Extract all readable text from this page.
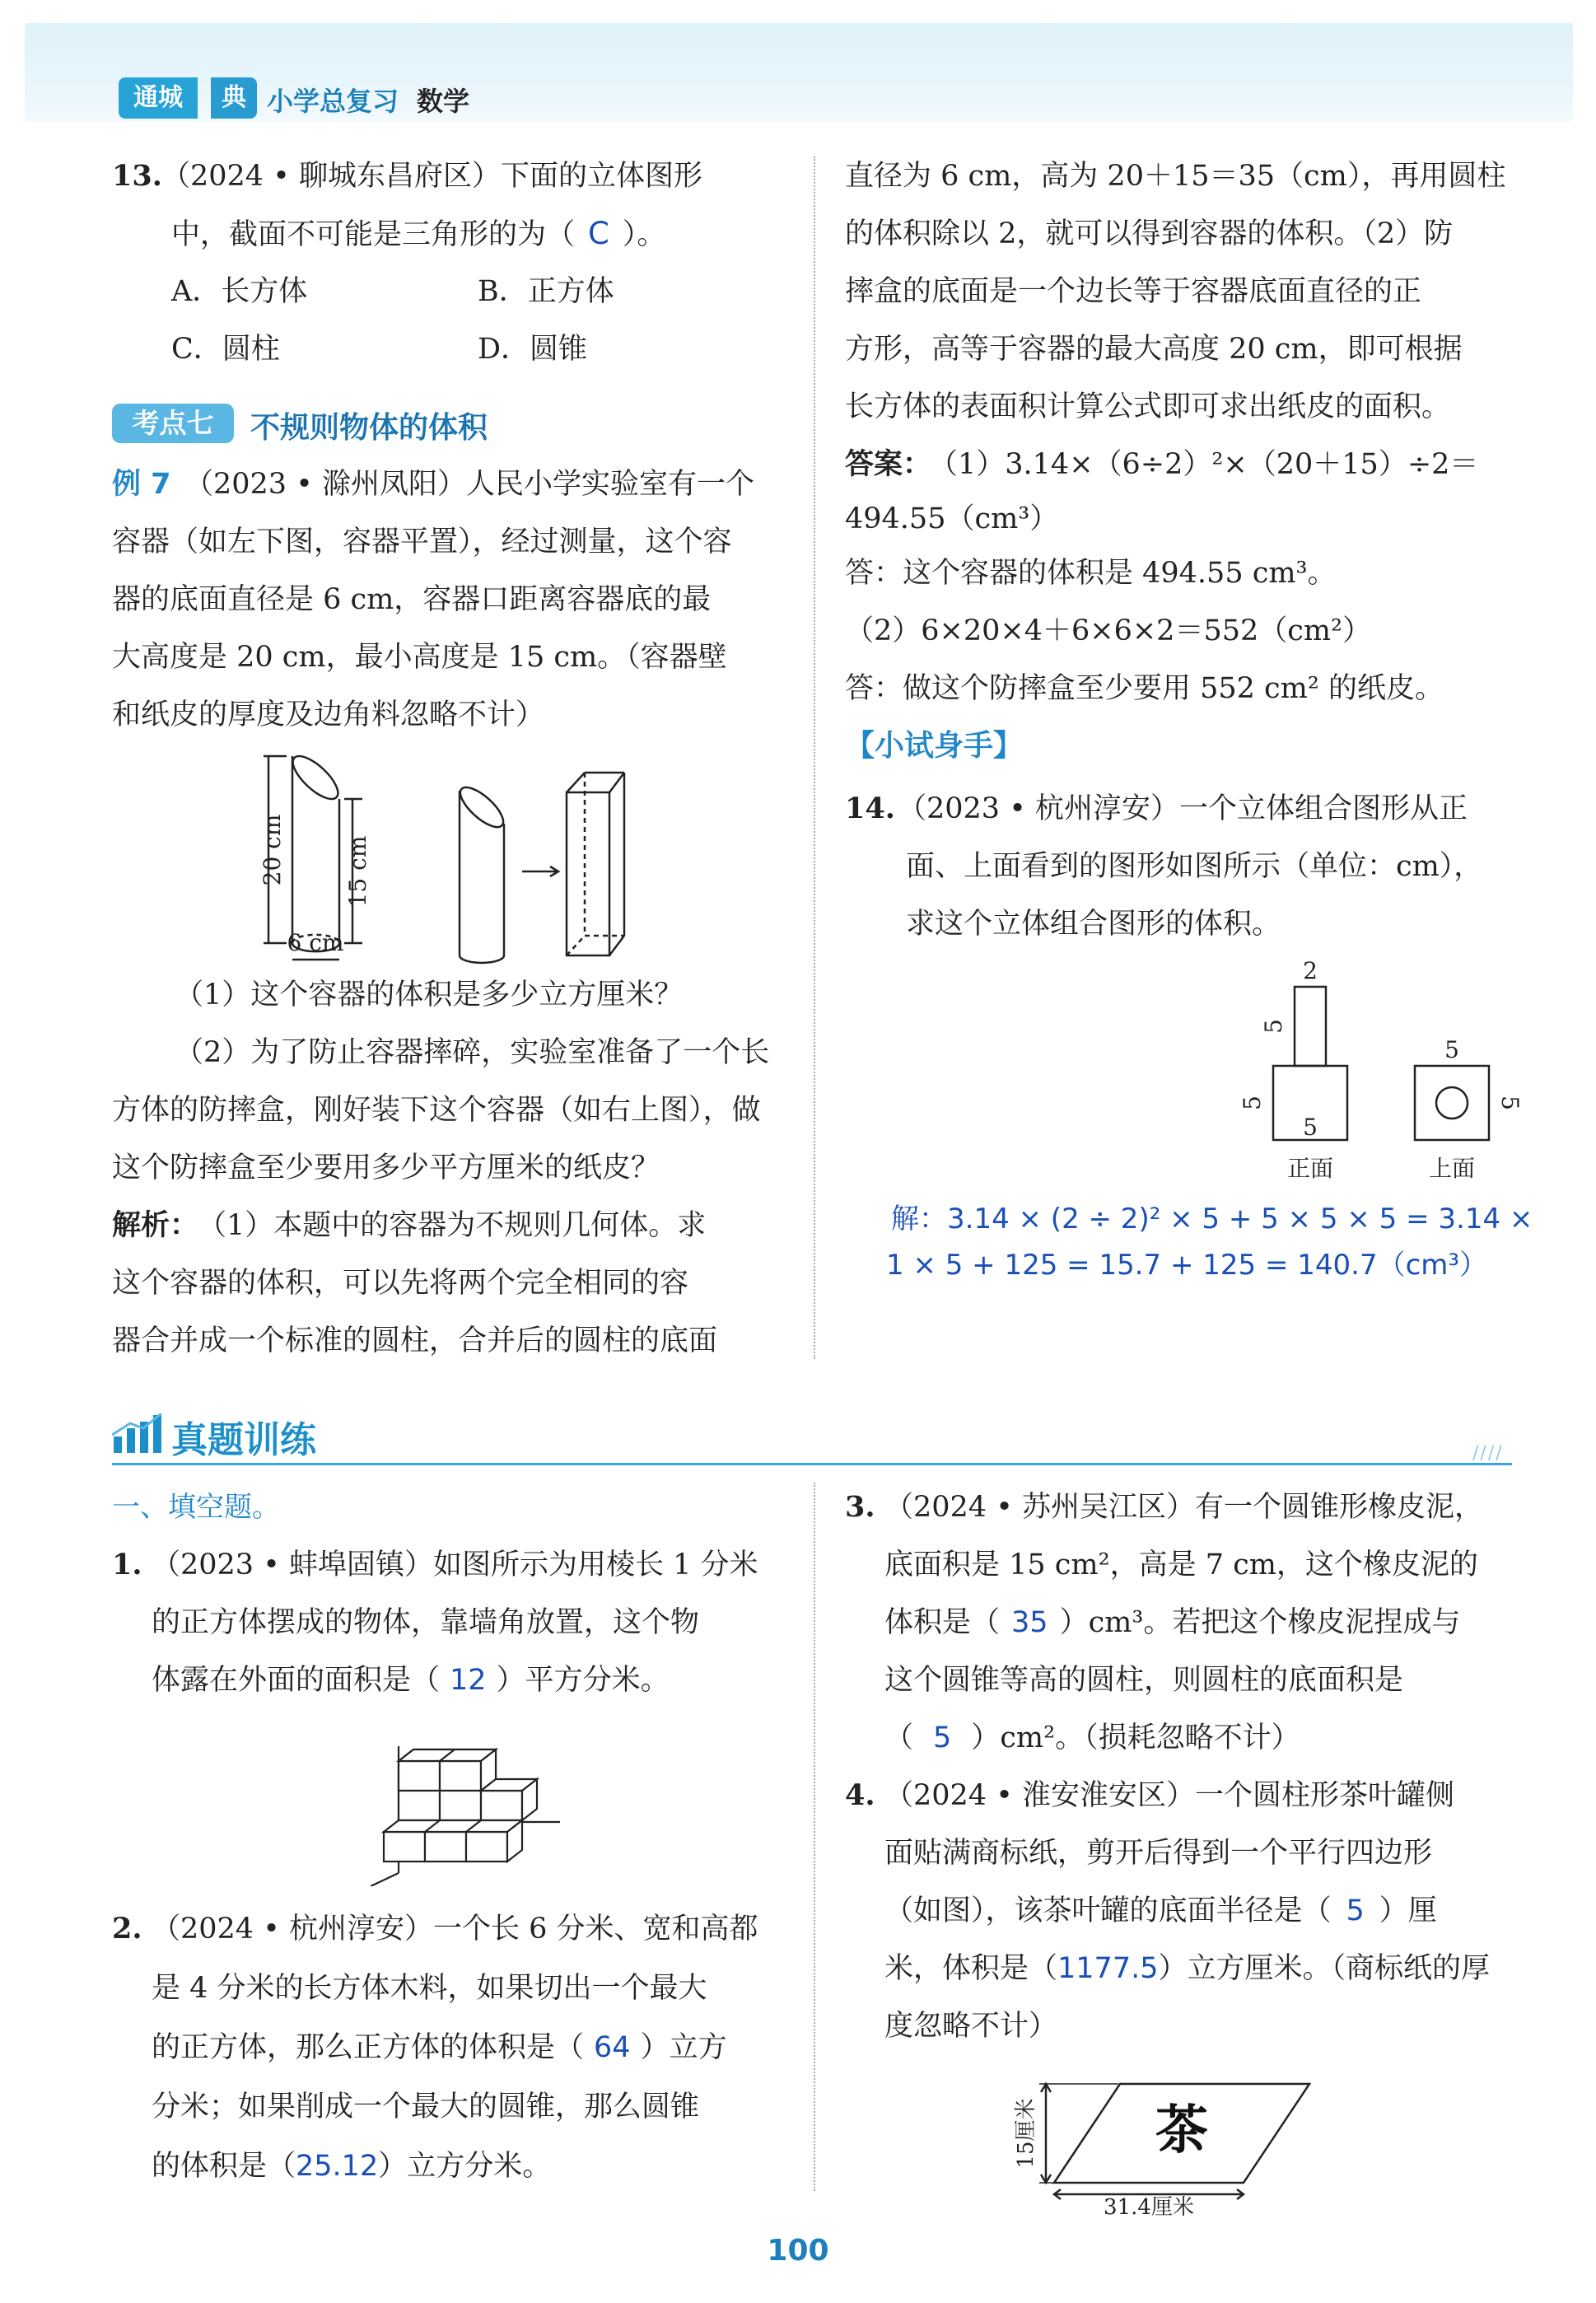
通城	典 小学总复习 数学
13. （2024 • 聊城东昌府区）下面的立体图形
中，截面不可能是三角形的为（ C ）。
A．长方体	B．正方体
C．圆柱	D．圆锥
考点七	不规则物体的体积
例 7 （2023 • 滁州凤阳）人民小学实验室有一个
容器（如左下图，容器平置），经过测量，这个容
器的底面直径是 6 cm，容器口距离容器底的最
大高度是 20 cm，最小高度是 15 cm。（容器壁
和纸皮的厚度及边角料忽略不计）
20 cm	15 cm
6 cm
（1）这个容器的体积是多少立方厘米？
（2）为了防止容器摔碎，实验室准备了一个长
方体的防摔盒，刚好装下这个容器（如右上图），做
这个防摔盒至少要用多少平方厘米的纸皮？
解析：
（1）本题中的容器为不规则几何体。求
这个容器的体积，可以先将两个完全相同的容
器合并成一个标准的圆柱，合并后的圆柱的底面
直径为 6 cm，高为 20＋15＝35（cm），再用圆柱
的体积除以 2，就可以得到容器的体积。（2）防
摔盒的底面是一个边长等于容器底面直径的正
方形，高等于容器的最大高度 20 cm，即可根据
长方体的表面积计算公式即可求出纸皮的面积。
答案：
（1）3.14×（6÷2）²×（20＋15）÷2＝
494.55（cm³）
答：这个容器的体积是 494.55 cm³。
（2）6×20×4＋6×6×2＝552（cm²）
答：做这个防摔盒至少要用 552 cm² 的纸皮。
【小试身手】
14. （2023 • 杭州淳安）一个立体组合图形从正
面、上面看到的图形如图所示（单位：cm），
求这个立体组合图形的体积。
2
5
5
5
正面
5
5
上面
解：3.14 × (2 ÷ 2)² × 5 + 5 × 5 × 5 = 3.14 ×
1 × 5 + 125 = 15.7 + 125 = 140.7（cm³）
真题训练	////
一、填空题。
1. （2023 • 蚌埠固镇）如图所示为用棱长 1 分米
的正方体摆成的物体，靠墙角放置，这个物
体露在外面的面积是（ 12 ）平方分米。
2. （2024 • 杭州淳安）一个长 6 分米、宽和高都
是 4 分米的长方体木料，如果切出一个最大
的正方体，那么正方体的体积是（ 64 ）立方
分米；如果削成一个最大的圆锥，那么圆锥
的体积是（25.12）立方分米。
3. （2024 • 苏州吴江区）有一个圆锥形橡皮泥，
底面积是 15 cm²，高是 7 cm，这个橡皮泥的
体积是（ 35 ）cm³。若把这个橡皮泥捏成与
这个圆锥等高的圆柱，则圆柱的底面积是
（ 5 ）cm²。（损耗忽略不计）
4. （2024 • 淮安淮安区）一个圆柱形茶叶罐侧
面贴满商标纸，剪开后得到一个平行四边形
（如图），该茶叶罐的底面半径是（ 5 ）厘
米，体积是（1177.5）立方厘米。（商标纸的厚
度忽略不计）
茶
15厘米
31.4厘米
100
